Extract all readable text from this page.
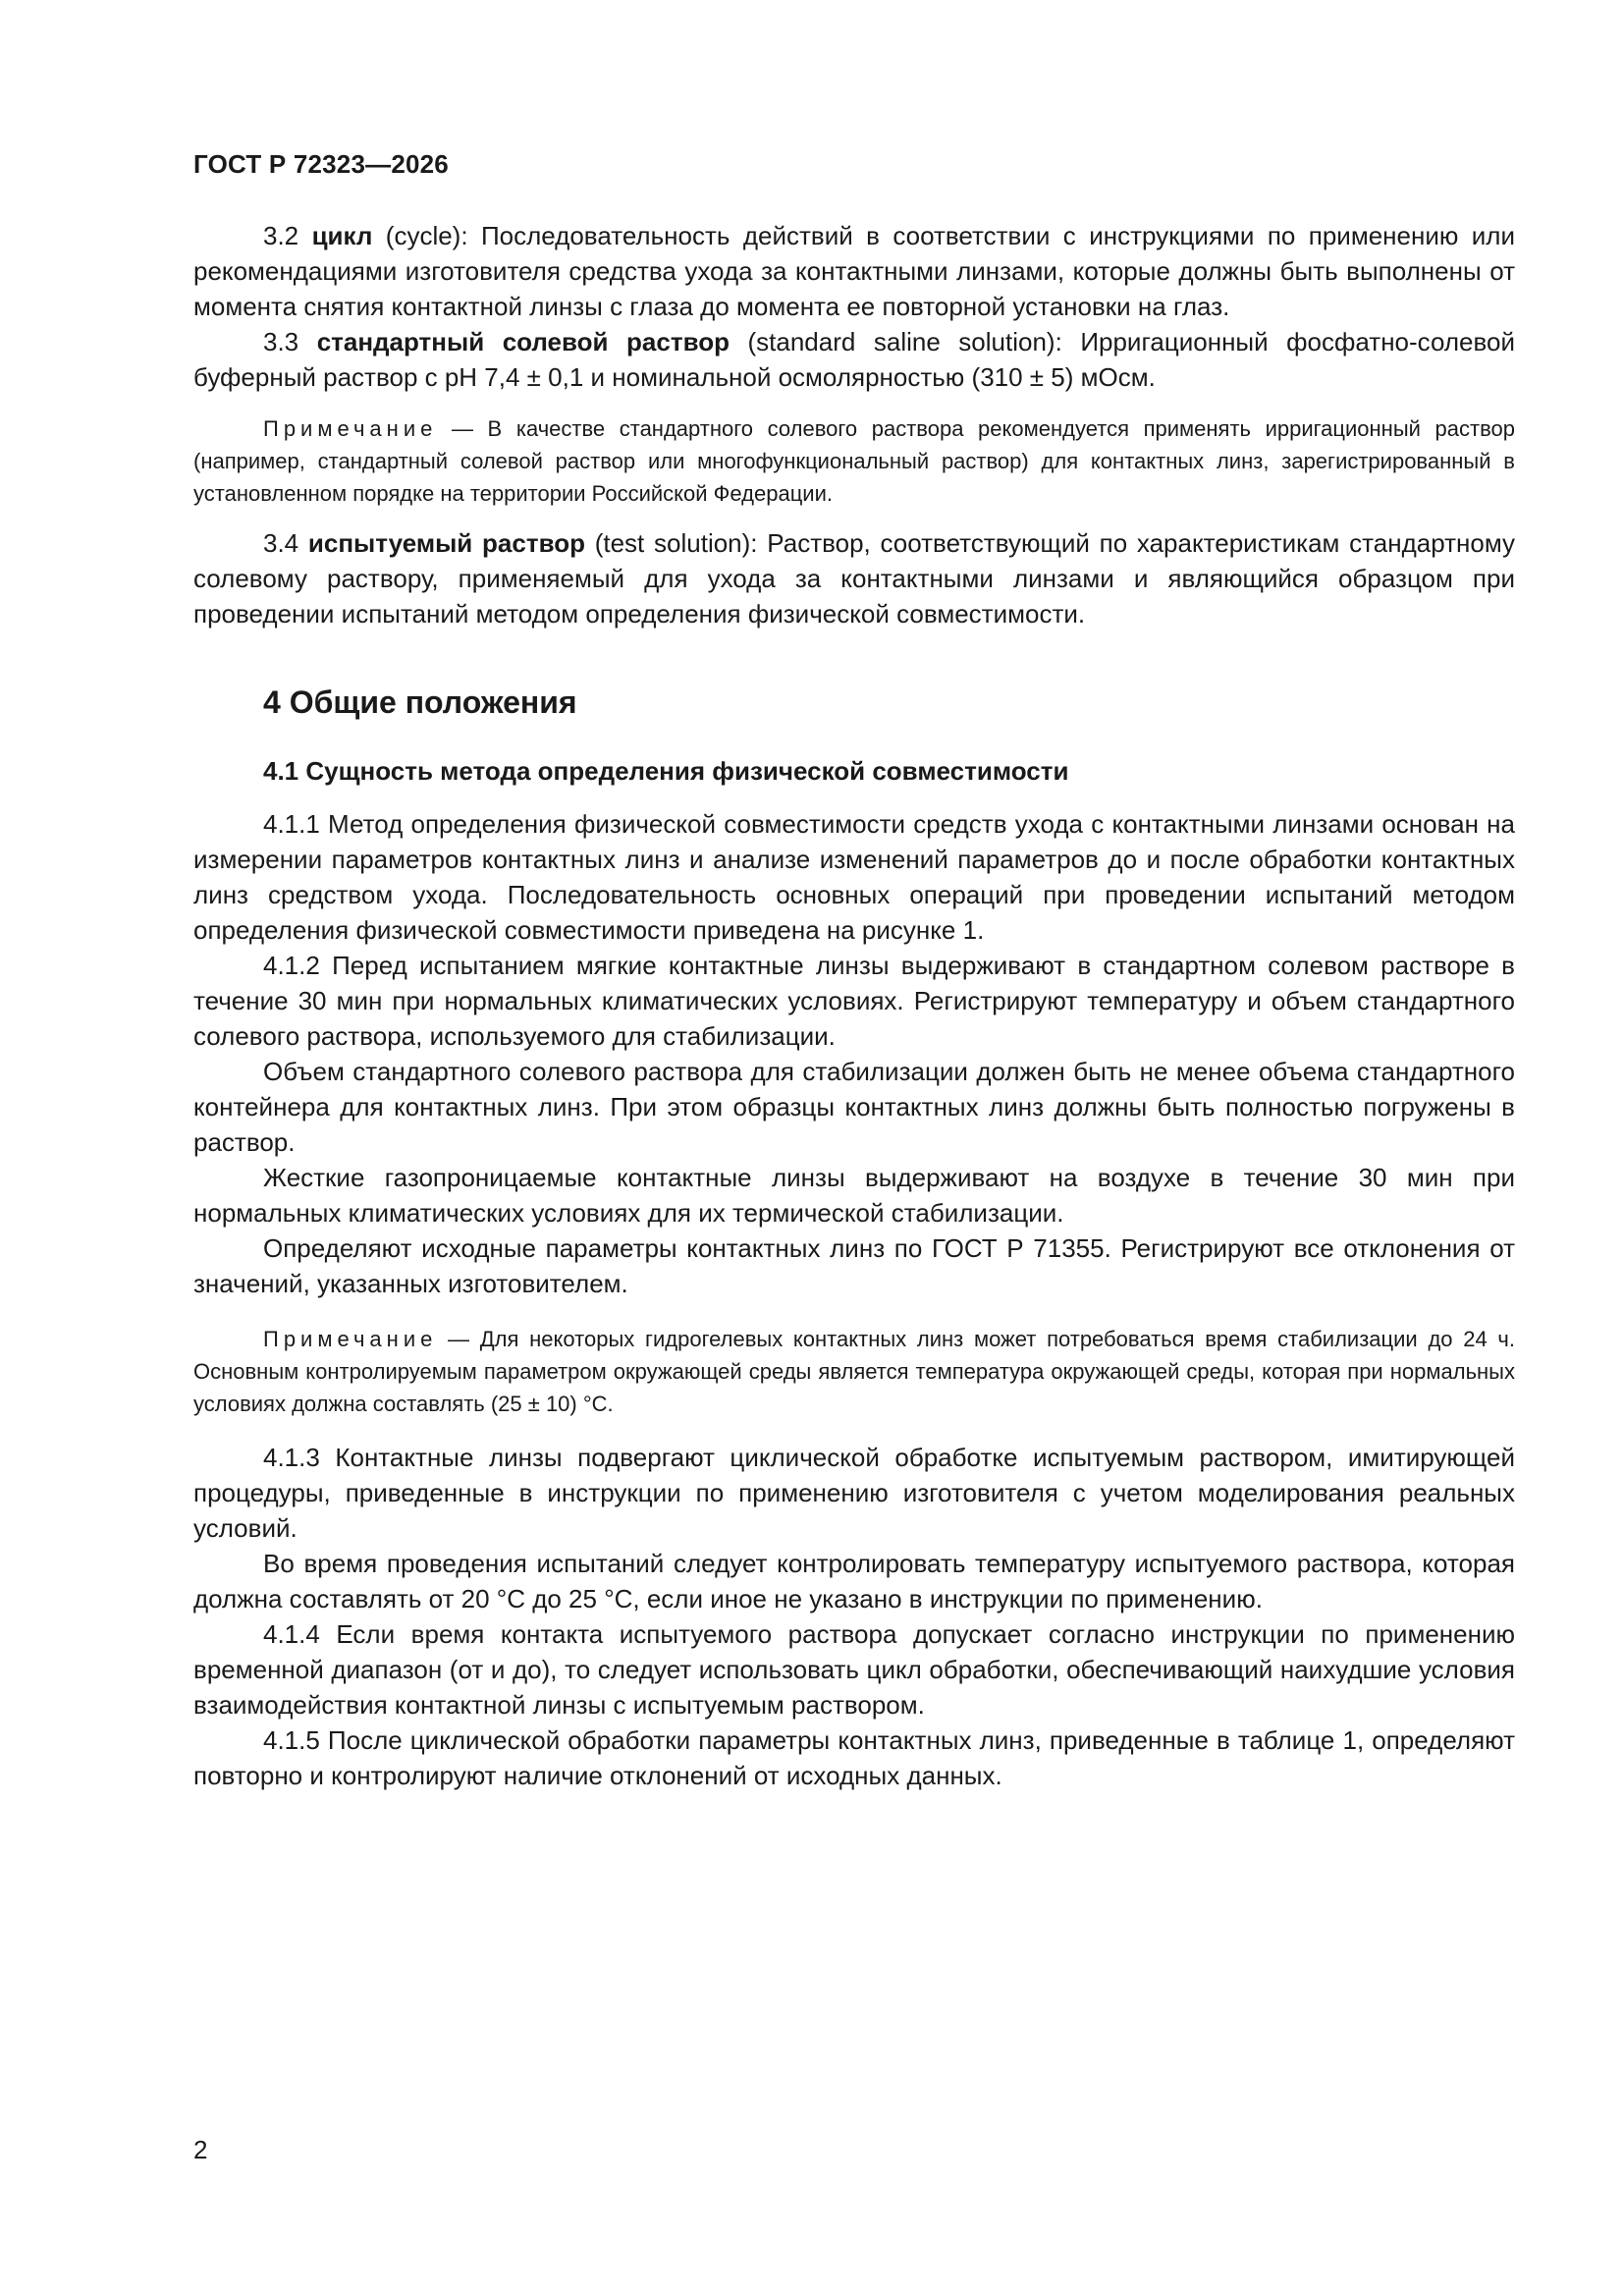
ГОСТ Р 72323—2026

3.2 цикл (cycle): Последовательность действий в соответствии с инструкциями по применению или рекомендациями изготовителя средства ухода за контактными линзами, которые должны быть выполнены от момента снятия контактной линзы с глаза до момента ее повторной установки на глаз.

3.3 стандартный солевой раствор (standard saline solution): Ирригационный фосфатно-солевой буферный раствор с рН 7,4 ± 0,1 и номинальной осмолярностью (310 ± 5) мОсм.

Примечание — В качестве стандартного солевого раствора рекомендуется применять ирригационный раствор (например, стандартный солевой раствор или многофункциональный раствор) для контактных линз, зарегистрированный в установленном порядке на территории Российской Федерации.

3.4 испытуемый раствор (test solution): Раствор, соответствующий по характеристикам стандартному солевому раствору, применяемый для ухода за контактными линзами и являющийся образцом при проведении испытаний методом определения физической совместимости.

4 Общие положения
4.1 Сущность метода определения физической совместимости

4.1.1 Метод определения физической совместимости средств ухода с контактными линзами основан на измерении параметров контактных линз и анализе изменений параметров до и после обработки контактных линз средством ухода. Последовательность основных операций при проведении испытаний методом определения физической совместимости приведена на рисунке 1.

4.1.2 Перед испытанием мягкие контактные линзы выдерживают в стандартном солевом растворе в течение 30 мин при нормальных климатических условиях. Регистрируют температуру и объем стандартного солевого раствора, используемого для стабилизации.

Объем стандартного солевого раствора для стабилизации должен быть не менее объема стандартного контейнера для контактных линз. При этом образцы контактных линз должны быть полностью погружены в раствор.

Жесткие газопроницаемые контактные линзы выдерживают на воздухе в течение 30 мин при нормальных климатических условиях для их термической стабилизации.

Определяют исходные параметры контактных линз по ГОСТ Р 71355. Регистрируют все отклонения от значений, указанных изготовителем.

Примечание — Для некоторых гидрогелевых контактных линз может потребоваться время стабилизации до 24 ч. Основным контролируемым параметром окружающей среды является температура окружающей среды, которая при нормальных условиях должна составлять (25 ± 10) °С.

4.1.3 Контактные линзы подвергают циклической обработке испытуемым раствором, имитирующей процедуры, приведенные в инструкции по применению изготовителя с учетом моделирования реальных условий.

Во время проведения испытаний следует контролировать температуру испытуемого раствора, которая должна составлять от 20 °С до 25 °С, если иное не указано в инструкции по применению.

4.1.4 Если время контакта испытуемого раствора допускает согласно инструкции по применению временной диапазон (от и до), то следует использовать цикл обработки, обеспечивающий наихудшие условия взаимодействия контактной линзы с испытуемым раствором.

4.1.5 После циклической обработки параметры контактных линз, приведенные в таблице 1, определяют повторно и контролируют наличие отклонений от исходных данных.

2
